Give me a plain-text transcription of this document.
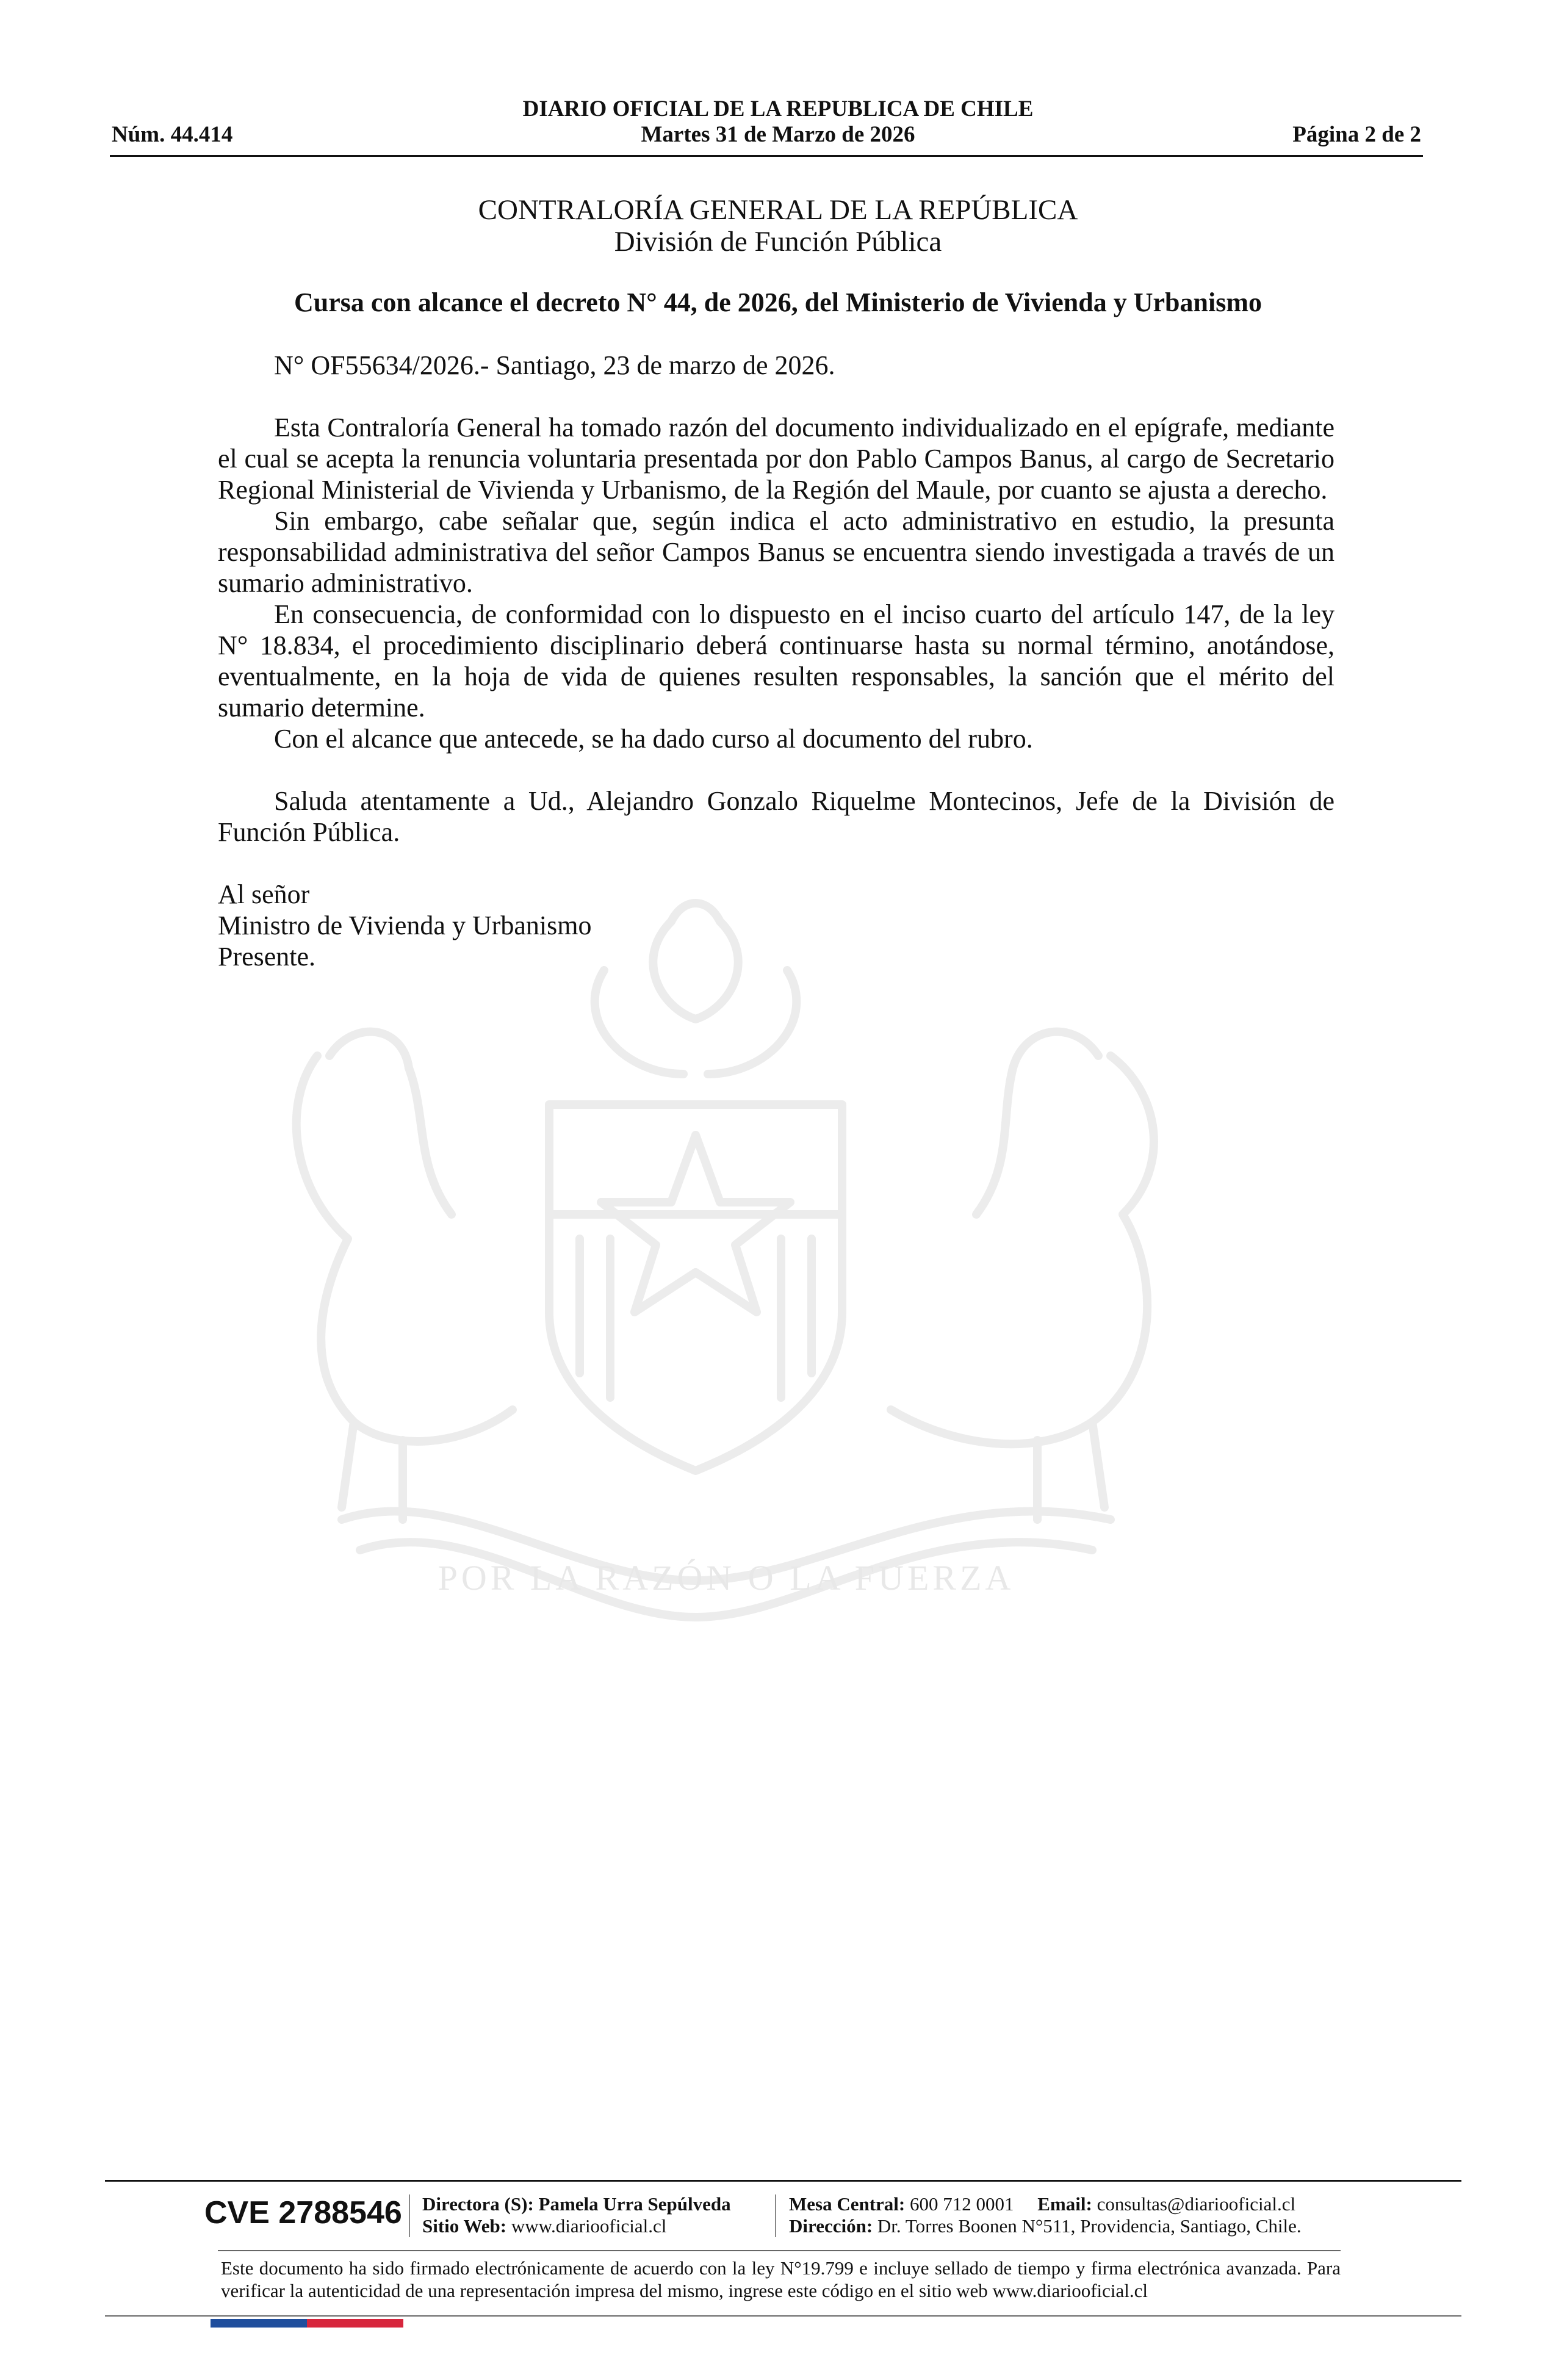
DIARIO OFICIAL DE LA REPUBLICA DE CHILE
Núm. 44.414	Martes 31 de Marzo de 2026	Página 2 de 2
POR LA RAZÓN O LA FUERZA
CONTRALORÍA GENERAL DE LA REPÚBLICA
División de Función Pública
Cursa con alcance el decreto N° 44, de 2026, del Ministerio de Vivienda y Urbanismo

N° OF55634/2026.- Santiago, 23 de marzo de 2026.

Esta Contraloría General ha tomado razón del documento individualizado en el epígrafe, mediante el cual se acepta la renuncia voluntaria presentada por don Pablo Campos Banus, al cargo de Secretario Regional Ministerial de Vivienda y Urbanismo, de la Región del Maule, por cuanto se ajusta a derecho.

Sin embargo, cabe señalar que, según indica el acto administrativo en estudio, la presunta responsabilidad administrativa del señor Campos Banus se encuentra siendo investigada a través de un sumario administrativo.

En consecuencia, de conformidad con lo dispuesto en el inciso cuarto del artículo 147, de la ley N° 18.834, el procedimiento disciplinario deberá continuarse hasta su normal término, anotándose, eventualmente, en la hoja de vida de quienes resulten responsables, la sanción que el mérito del sumario determine.

Con el alcance que antecede, se ha dado curso al documento del rubro.

Saluda atentamente a Ud., Alejandro Gonzalo Riquelme Montecinos, Jefe de la División de Función Pública.

Al señor

Ministro de Vivienda y Urbanismo

Presente.

CVE 2788546 Directora (S): Pamela Urra Sepúlveda
Sitio Web: www.diariooficial.cl
Mesa Central: 600 712 0001 Email: consultas@diariooficial.cl
Dirección: Dr. Torres Boonen N°511, Providencia, Santiago, Chile.
Este documento ha sido firmado electrónicamente de acuerdo con la ley N°19.799 e incluye sellado de tiempo y firma electrónica avanzada. Para verificar la autenticidad de una representación impresa del mismo, ingrese este código en el sitio web www.diariooficial.cl
